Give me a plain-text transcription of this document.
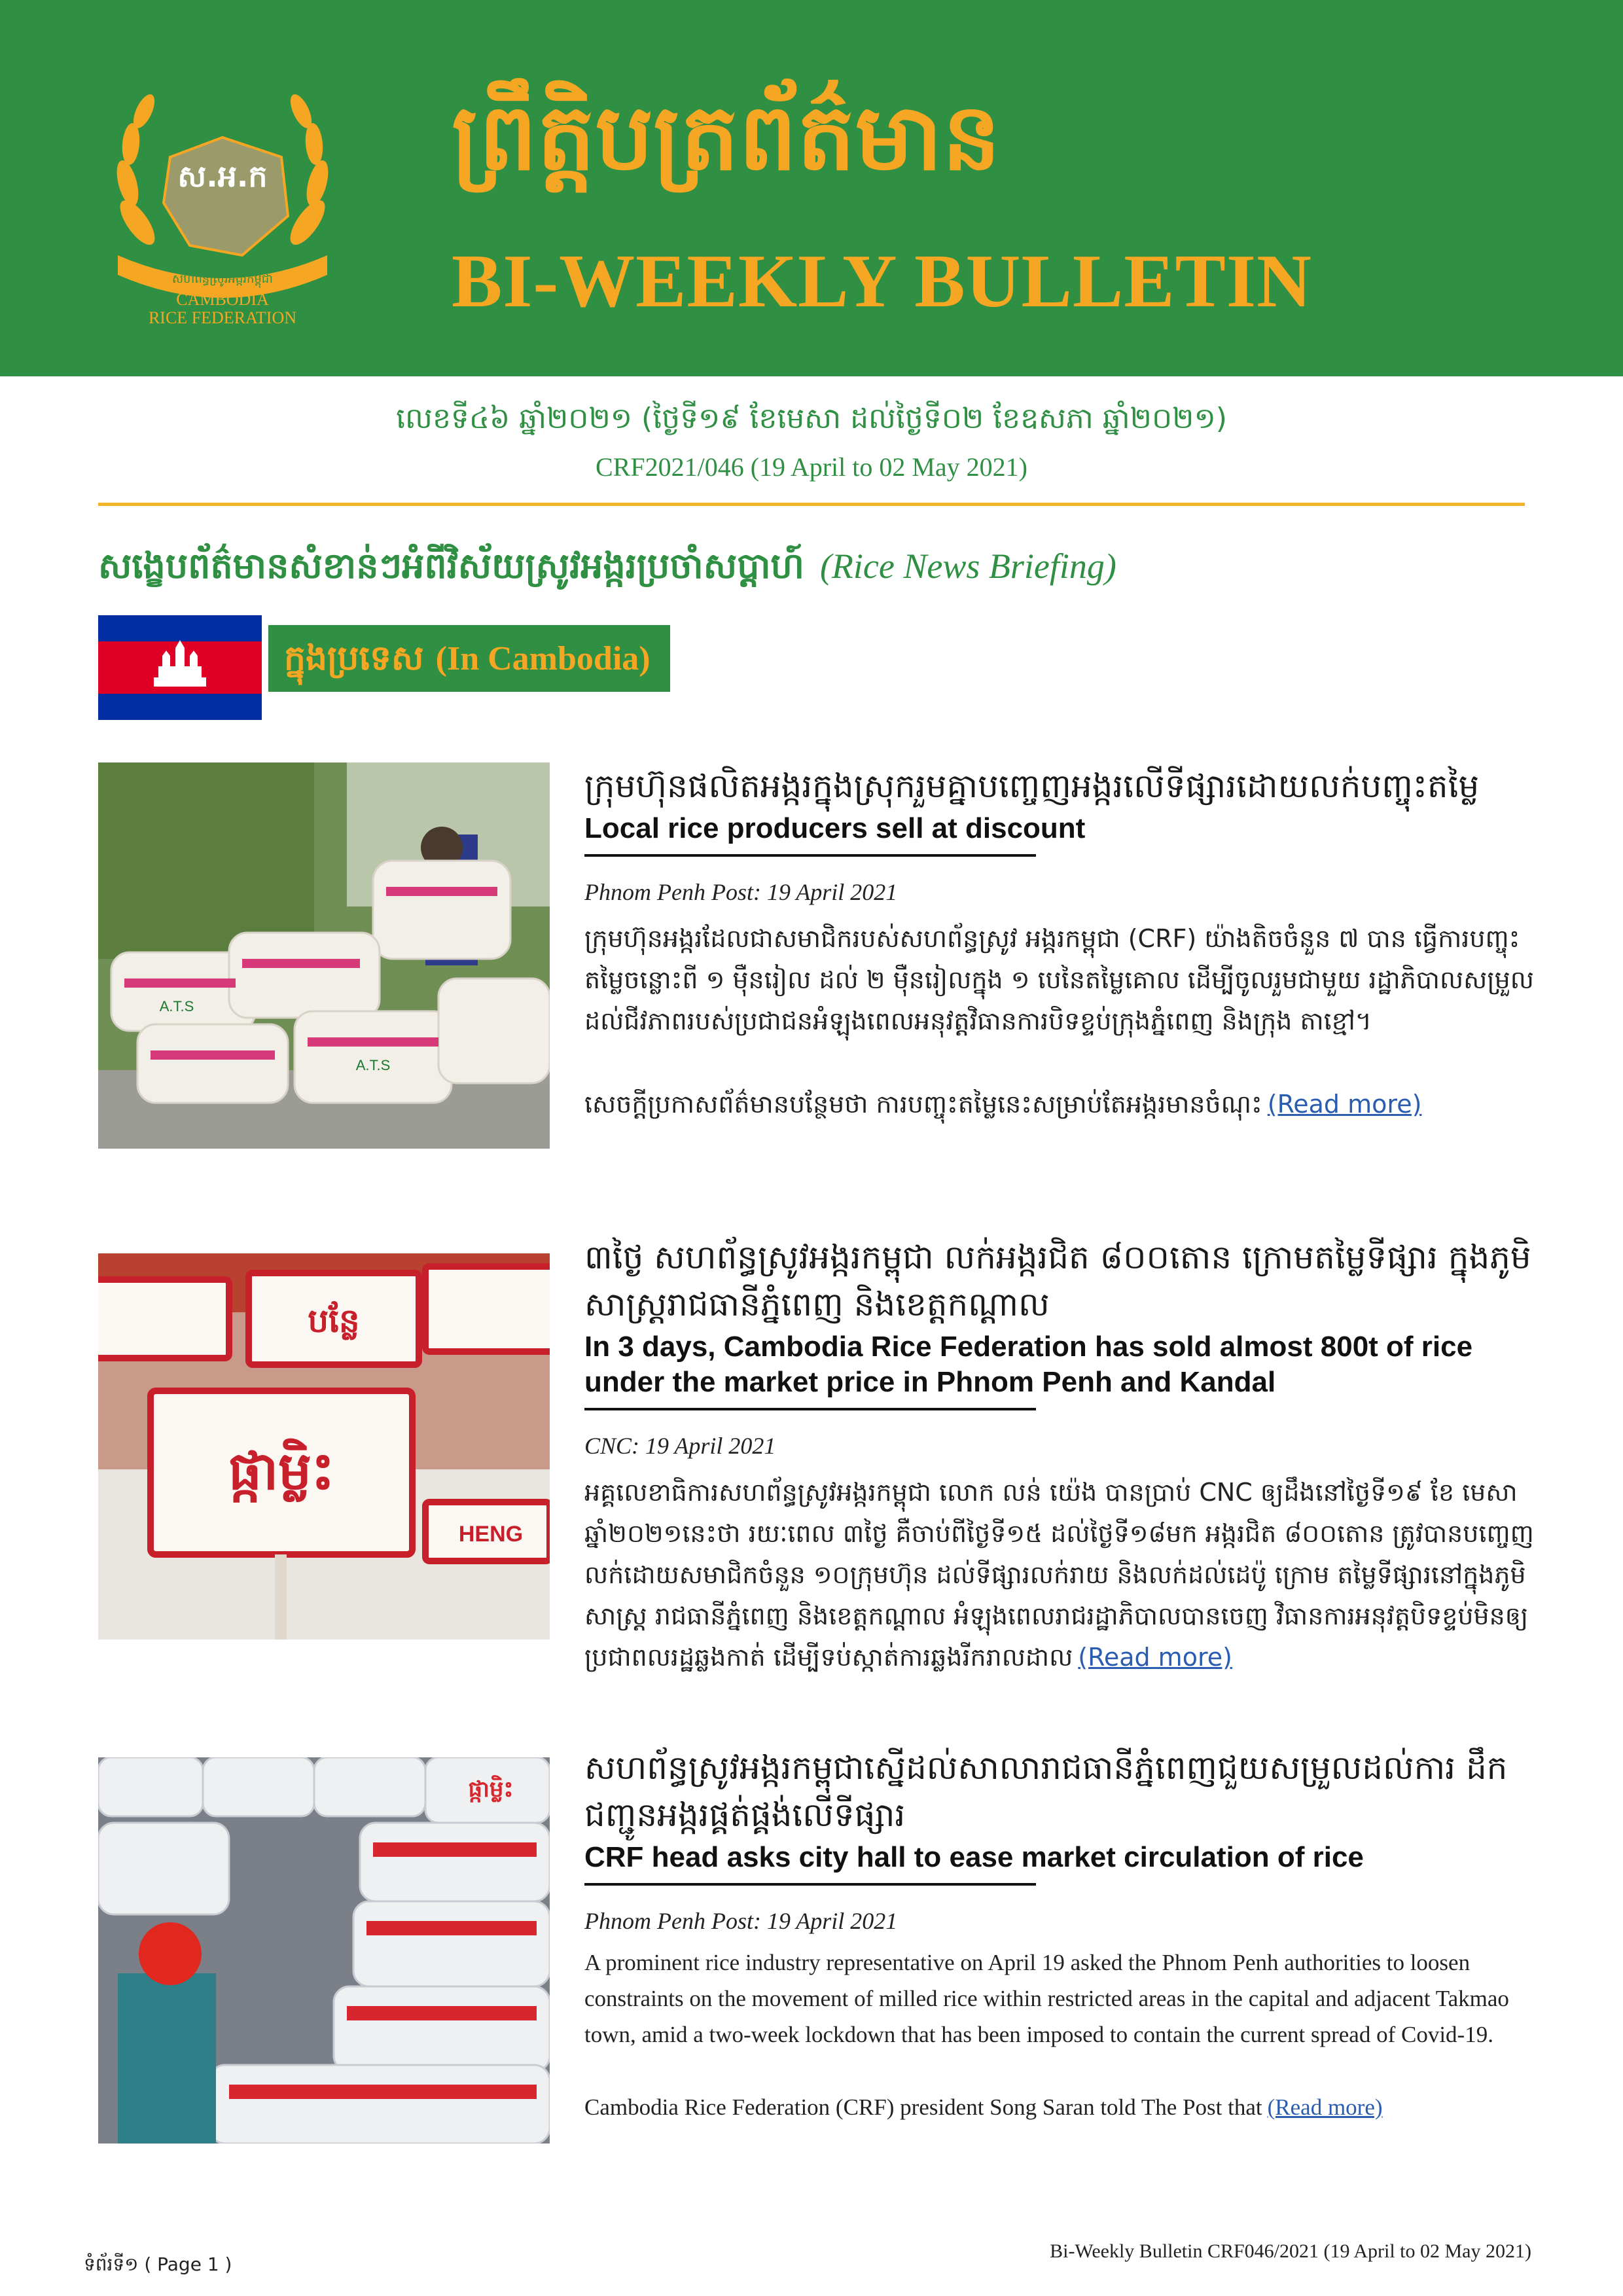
ស.អ.ក
សហព័ន្ធស្រូវអង្ករកម្ពុជា
CAMBODIA
RICE FEDERATION
ព្រឹត្តិបត្រព័ត៌មាន
BI-WEEKLY BULLETIN
លេខទី៤៦ ឆ្នាំ២០២១ (ថ្ងៃទី១៩ ខែមេសា ដល់ថ្ងៃទី០២ ខែឧសភា ឆ្នាំ២០២១)
CRF2021/046 (19 April to 02 May 2021)
សង្ខេបព័ត៌មានសំខាន់ៗអំពីវិស័យស្រូវអង្ករប្រចាំសប្តាហ៍ (Rice News Briefing)
ក្នុងប្រទេស (In Cambodia)
A.T.S
A.T.S
ក្រុមហ៊ុនផលិតអង្ករក្នុងស្រុករួមគ្នាបញ្ចេញអង្ករលើទីផ្សារដោយលក់បញ្ចុះតម្លៃ
Local rice producers sell at discount
Phnom Penh Post: 19 April 2021
ក្រុមហ៊ុនអង្ករដែលជាសមាជិករបស់សហព័ន្ធស្រូវ អង្ករកម្ពុជា (CRF) យ៉ាងតិចចំនួន ៧ បាន ធ្វើការបញ្ចុះតម្លៃចន្លោះពី ១ ម៉ឺនរៀល ដល់ ២ ម៉ឺនរៀលក្នុង ១ បេនៃតម្លៃគោល ដើម្បីចូលរួមជាមួយ រដ្ឋាភិបាលសម្រួលដល់ជីវភាពរបស់ប្រជាជនអំឡុងពេលអនុវត្តវិធានការបិទខ្ទប់ក្រុងភ្នំពេញ និងក្រុង តាខ្មៅ។
សេចក្តីប្រកាសព័ត៌មានបន្ថែមថា ការបញ្ចុះតម្លៃនេះសម្រាប់តែអង្ករមានចំណុះ (Read more)
បន្លែ
ផ្កាម្លិះ
HENG
៣ថ្ងៃ សហព័ន្ធស្រូវអង្ករកម្ពុជា លក់អង្ករជិត ៨០០តោន ក្រោមតម្លៃទីផ្សារ ក្នុងភូមិសាស្រ្តរាជធានីភ្នំពេញ និងខេត្តកណ្តាល
In 3 days, Cambodia Rice Federation has sold almost 800t of rice under the market price in Phnom Penh and Kandal
CNC: 19 April 2021
អគ្គលេខាធិការសហព័ន្ធស្រូវអង្ករកម្ពុជា លោក លន់ យ៉េង បានប្រាប់ CNC ឲ្យដឹងនៅថ្ងៃទី១៩ ខែ មេសា ឆ្នាំ២០២១នេះថា រយៈពេល ៣ថ្ងៃ គឺចាប់ពីថ្ងៃទី១៥ ដល់ថ្ងៃទី១៨មក អង្ករជិត ៨០០តោន ត្រូវបានបញ្ចេញលក់ដោយសមាជិកចំនួន ១០ក្រុមហ៊ុន ដល់ទីផ្សារលក់រាយ និងលក់ដល់ដេប៉ូ ក្រោម តម្លៃទីផ្សារនៅក្នុងភូមិសាស្រ្ត រាជធានីភ្នំពេញ និងខេត្តកណ្តាល អំឡុងពេលរាជរដ្ឋាភិបាលបានចេញ វិធានការអនុវត្តបិទខ្ទប់មិនឲ្យប្រជាពលរដ្ឋឆ្លងកាត់ ដើម្បីទប់ស្កាត់ការឆ្លងរីករាលដាល (Read more)
ផ្កាម្លិះ
សហព័ន្ធស្រូវអង្ករកម្ពុជាស្នើដល់សាលារាជធានីភ្នំពេញជួយសម្រួលដល់ការ ដឹកជញ្ជូនអង្ករផ្គត់ផ្គង់លើទីផ្សារ
CRF head asks city hall to ease market circulation of rice
Phnom Penh Post: 19 April 2021
A prominent rice industry representative on April 19 asked the Phnom Penh authorities to loosen constraints on the movement of milled rice within restricted areas in the capital and adjacent Takmao town, amid a two-week lockdown that has been imposed to contain the current spread of Covid-19.
Cambodia Rice Federation (CRF) president Song Saran told The Post that (Read more)
ទំព័រទី១ ( Page 1 )
Bi-Weekly Bulletin CRF046/2021 (19 April to 02 May 2021)
